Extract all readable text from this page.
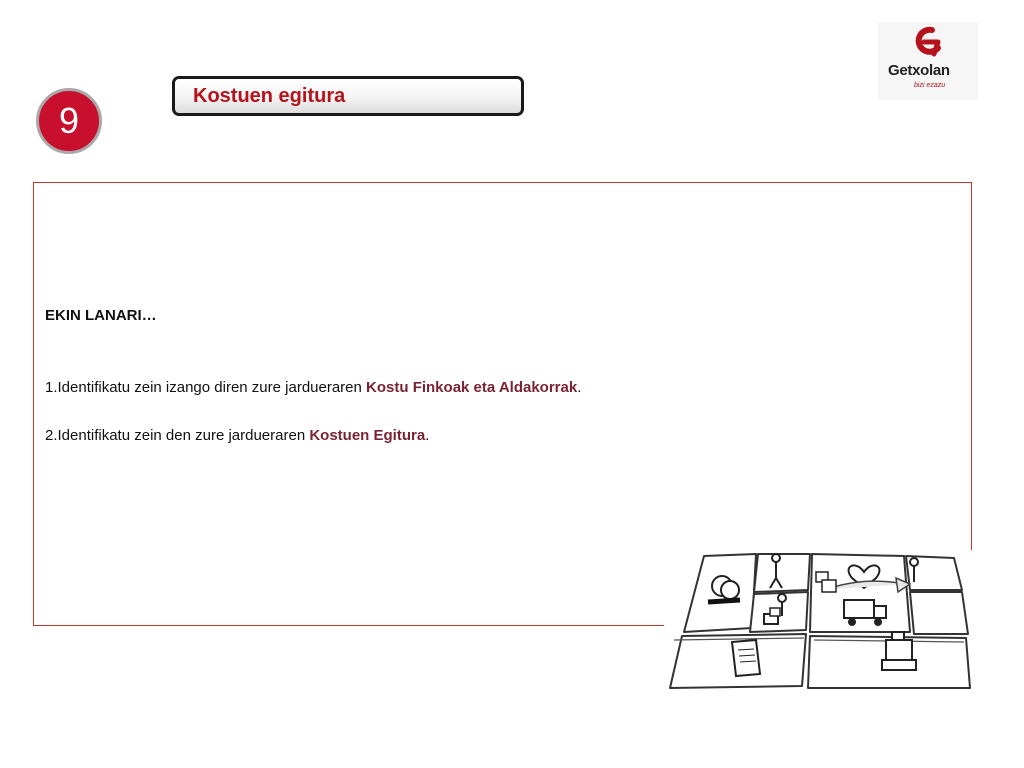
9
Kostuen egitura
Getxolan
bizi ezazu
EKIN LANARI…
1.Identifikatu zein izango diren zure jardueraren Kostu Finkoak eta Aldakorrak.
2.Identifikatu zein den zure jardueraren Kostuen Egitura.
